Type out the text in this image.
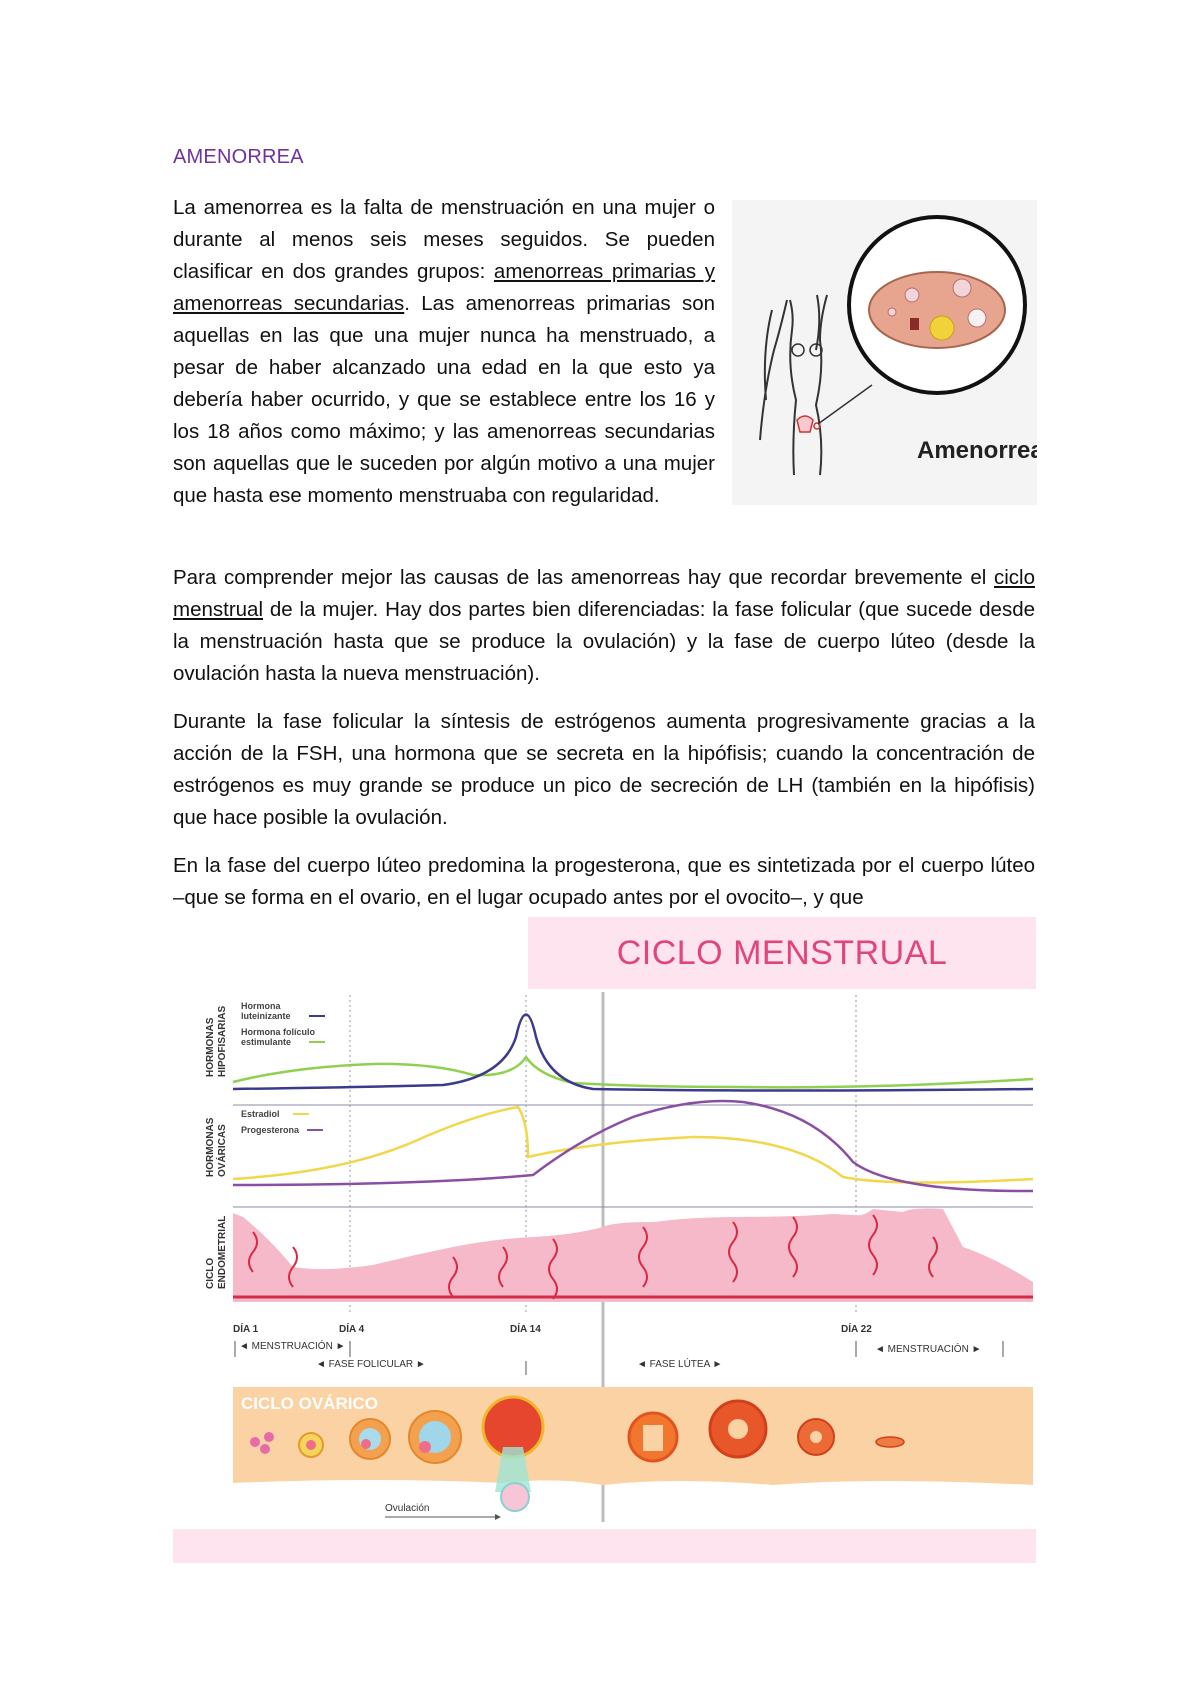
AMENORREA

La amenorrea es la falta de menstruación en una mujer o durante al menos seis meses seguidos. Se pueden clasificar en dos grandes grupos: amenorreas primarias y amenorreas secundarias. Las amenorreas primarias son aquellas en las que una mujer nunca ha menstruado, a pesar de haber alcanzado una edad en la que esto ya debería haber ocurrido, y que se establece entre los 16 y los 18 años como máximo; y las amenorreas secundarias son aquellas que le suceden por algún motivo a una mujer que hasta ese momento menstruaba con regularidad.

Amenorrea

Para comprender mejor las causas de las amenorreas hay que recordar brevemente el ciclo menstrual de la mujer. Hay dos partes bien diferenciadas: la fase folicular (que sucede desde la menstruación hasta que se produce la ovulación) y la fase de cuerpo lúteo (desde la ovulación hasta la nueva menstruación).

Durante la fase folicular la síntesis de estrógenos aumenta progresivamente gracias a la acción de la FSH, una hormona que se secreta en la hipófisis; cuando la concentración de estrógenos es muy grande se produce un pico de secreción de LH (también en la hipófisis) que hace posible la ovulación.

En la fase del cuerpo lúteo predomina la progesterona, que es sintetizada por el cuerpo lúteo –que se forma en el ovario, en el lugar ocupado antes por el ovocito–, y que

CICLO MENSTRUAL
HORMONAS HIPOFISARIAS
HORMONAS OVÁRICAS
CICLO ENDOMETRIAL
Hormona
luteinizante
Hormona folículo
estimulante
Estradiol
Progesterona
DÍA 1	DÍA 4	DÍA 14	DÍA 22
◄ MENSTRUACIÓN ►
◄ FASE FOLICULAR ►	◄ FASE LÚTEA ►
◄ MENSTRUACIÓN ►
CICLO OVÁRICO
Ovulación
